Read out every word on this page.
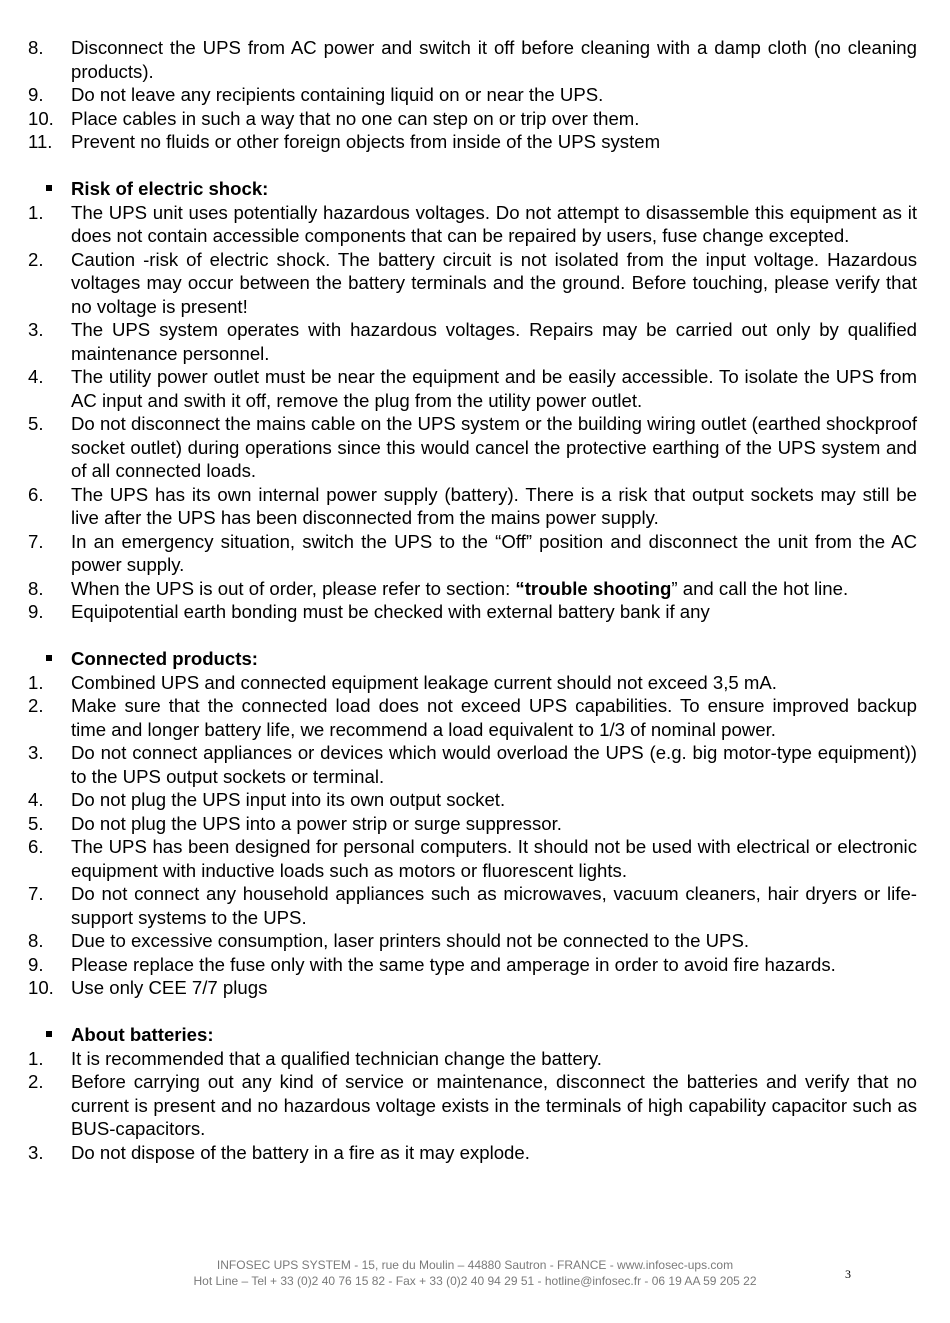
8. Disconnect the UPS from AC power and switch it off before cleaning with a damp cloth (no cleaning products).
9. Do not leave any recipients containing liquid on or near the UPS.
10. Place cables in such a way that no one can step on or trip over them.
11. Prevent no fluids or other foreign objects from inside of the UPS system
Risk of electric shock:
1. The UPS unit uses potentially hazardous voltages. Do not attempt to disassemble this equipment as it does not contain accessible components that can be repaired by users, fuse change excepted.
2. Caution -risk of electric shock. The battery circuit is not isolated from the input voltage. Hazardous voltages may occur between the battery terminals and the ground. Before touching, please verify that no voltage is present!
3. The UPS system operates with hazardous voltages. Repairs may be carried out only by qualified maintenance personnel.
4. The utility power outlet must be near the equipment and be easily accessible. To isolate the UPS from AC input and swith it off, remove the plug from the utility power outlet.
5. Do not disconnect the mains cable on the UPS system or the building wiring outlet (earthed shockproof socket outlet) during operations since this would cancel the protective earthing of the UPS system and of all connected loads.
6. The UPS has its own internal power supply (battery). There is a risk that output sockets may still be live after the UPS has been disconnected from the mains power supply.
7. In an emergency situation, switch the UPS to the “Off” position and disconnect the unit from the AC power supply.
8. When the UPS is out of order, please refer to section: “trouble shooting” and call the hot line.
9. Equipotential earth bonding must be checked with external battery bank if any
Connected products:
1. Combined UPS and connected equipment leakage current should not exceed 3,5 mA.
2. Make sure that the connected load does not exceed UPS capabilities. To ensure improved backup time and longer battery life, we recommend a load equivalent to 1/3 of nominal power.
3. Do not connect appliances or devices which would overload the UPS (e.g. big motor-type equipment)) to the UPS output sockets or terminal.
4. Do not plug the UPS input into its own output socket.
5. Do not plug the UPS into a power strip or surge suppressor.
6. The UPS has been designed for personal computers. It should not be used with electrical or electronic equipment with inductive loads such as motors or fluorescent lights.
7. Do not connect any household appliances such as microwaves, vacuum cleaners, hair dryers or life-support systems to the UPS.
8. Due to excessive consumption, laser printers should not be connected to the UPS.
9. Please replace the fuse only with the same type and amperage in order to avoid fire hazards.
10. Use only CEE 7/7 plugs
About batteries:
1. It is recommended that a qualified technician change the battery.
2. Before carrying out any kind of service or maintenance, disconnect the batteries and verify that no current is present and no hazardous voltage exists in the terminals of high capability capacitor such as BUS-capacitors.
3. Do not dispose of the battery in a fire as it may explode.
INFOSEC UPS SYSTEM - 15, rue du Moulin – 44880 Sautron - FRANCE - www.infosec-ups.com
Hot Line – Tel + 33 (0)2 40 76 15 82 - Fax + 33 (0)2 40 94 29 51 - hotline@infosec.fr - 06 19 AA 59 205 22	3
